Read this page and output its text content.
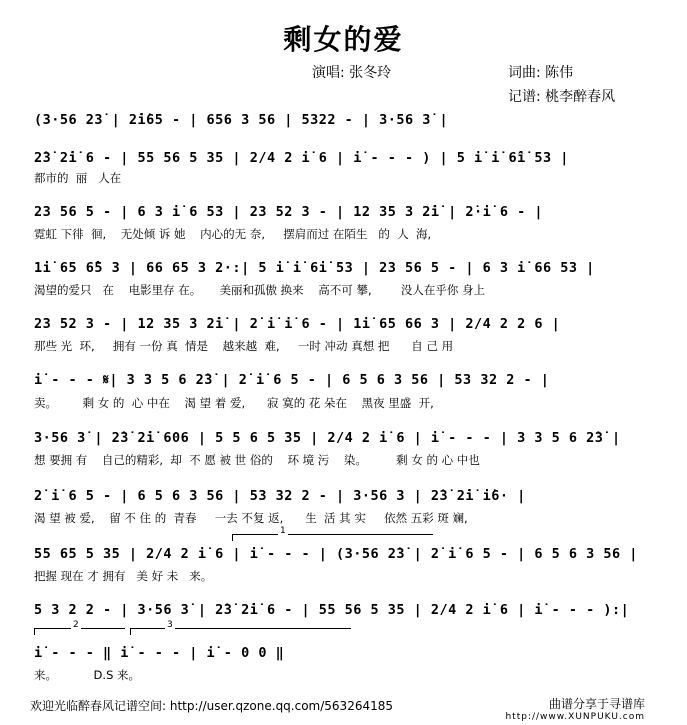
剩女的爱
演唱: 张冬玲	词曲: 陈伟
记谱: 桃李醉春风
(3·56 23̇ | 2̇i̇65 - | 656 3 56 | 5322 - | 3·56 3̇ |
2̇3̇ 2̇i̇ 6 - | 55 56 5 35 | 2/4 2 i̇ 6 | i̇ - - - ) | 5 i̇ i̇ 6̂i̇ 53 |
都市的  丽   人在
23 56 5 - | 6 3 i̇ 6 53 | 23 52 3 - | 12 35 3 2̇i̇ | 2̇·i̇ 6 - |
霓虹 下徘  徊,    无处倾 诉 她    内心的无 奈,     摆肩而过 在陌生   的  人  海,
1i̇ 65 6̂5 3 | 66 65 3 2·:| 5 i̇ i̇ 6i̇ 53 | 23 56 5 - | 6 3 i̇ 66 53 |
渴望的爱只   在    电影里存 在。     美丽和孤傲 换来    高不可 攀,        没人在乎你 身上
23 52 3 - | 12 35 3 2̇i̇ | 2̇ i̇ i̇ 6 - | 1i̇ 65 66 3 | 2/4 2 2 6 |
那些 光  环,     拥有 一份 真  情是    越来越  难,     一时 冲动 真想 把      自 己 用
i̇ - - - 𝄋| 3 3 5 6 2̇3̇ | 2̇ i̇ 6 5 - | 6 5 6 3 56 | 53 32 2 - |
卖。       剩 女 的  心 中在    渴 望 着 爱,      寂 寞的 花 朵在    黑夜 里盛  开,
3·56 3̇ | 2̇3̇ 2̇i̇ 606 | 5 5 6 5 35 | 2/4 2 i̇ 6 | i̇ - - - | 3 3 5 6 2̇3̇ |
想 要拥 有    自己的精彩,  却  不 愿 被 世 俗的    环 境 污    染。        剩 女 的 心 中也
2̇ i̇ 6 5 - | 6 5 6 3 56 | 53 32 2 - | 3·56 3 | 2̇3̇ 2̇i̇ i̇6· |
渴 望 被 爱,    留 不 住 的  青春     一去 不复 返,      生  活 其 实     依然 五彩 斑 斓,
1
55 65 5 35 | 2/4 2 i̇ 6 | i̇ - - - | (3·56 2̇3̇ | 2̇ i̇ 6 5 - | 6 5 6 3 56 |
把握 现在 才 拥有   美 好 未   来。
5 3 2 2 - | 3·56 3̇ | 2̇3̇ 2̇i̇ 6 - | 55 56 5 35 | 2/4 2 i̇ 6 | i̇ - - - ):|
2	3
i̇ - - - ‖ i̇ - - - | i̇ - 0 0 ‖
来。          D.S 来。
欢迎光临醉春风记谱空间: http://user.qzone.qq.com/563264185	曲谱分享于寻谱库
http://www.XUNPUKU.com
